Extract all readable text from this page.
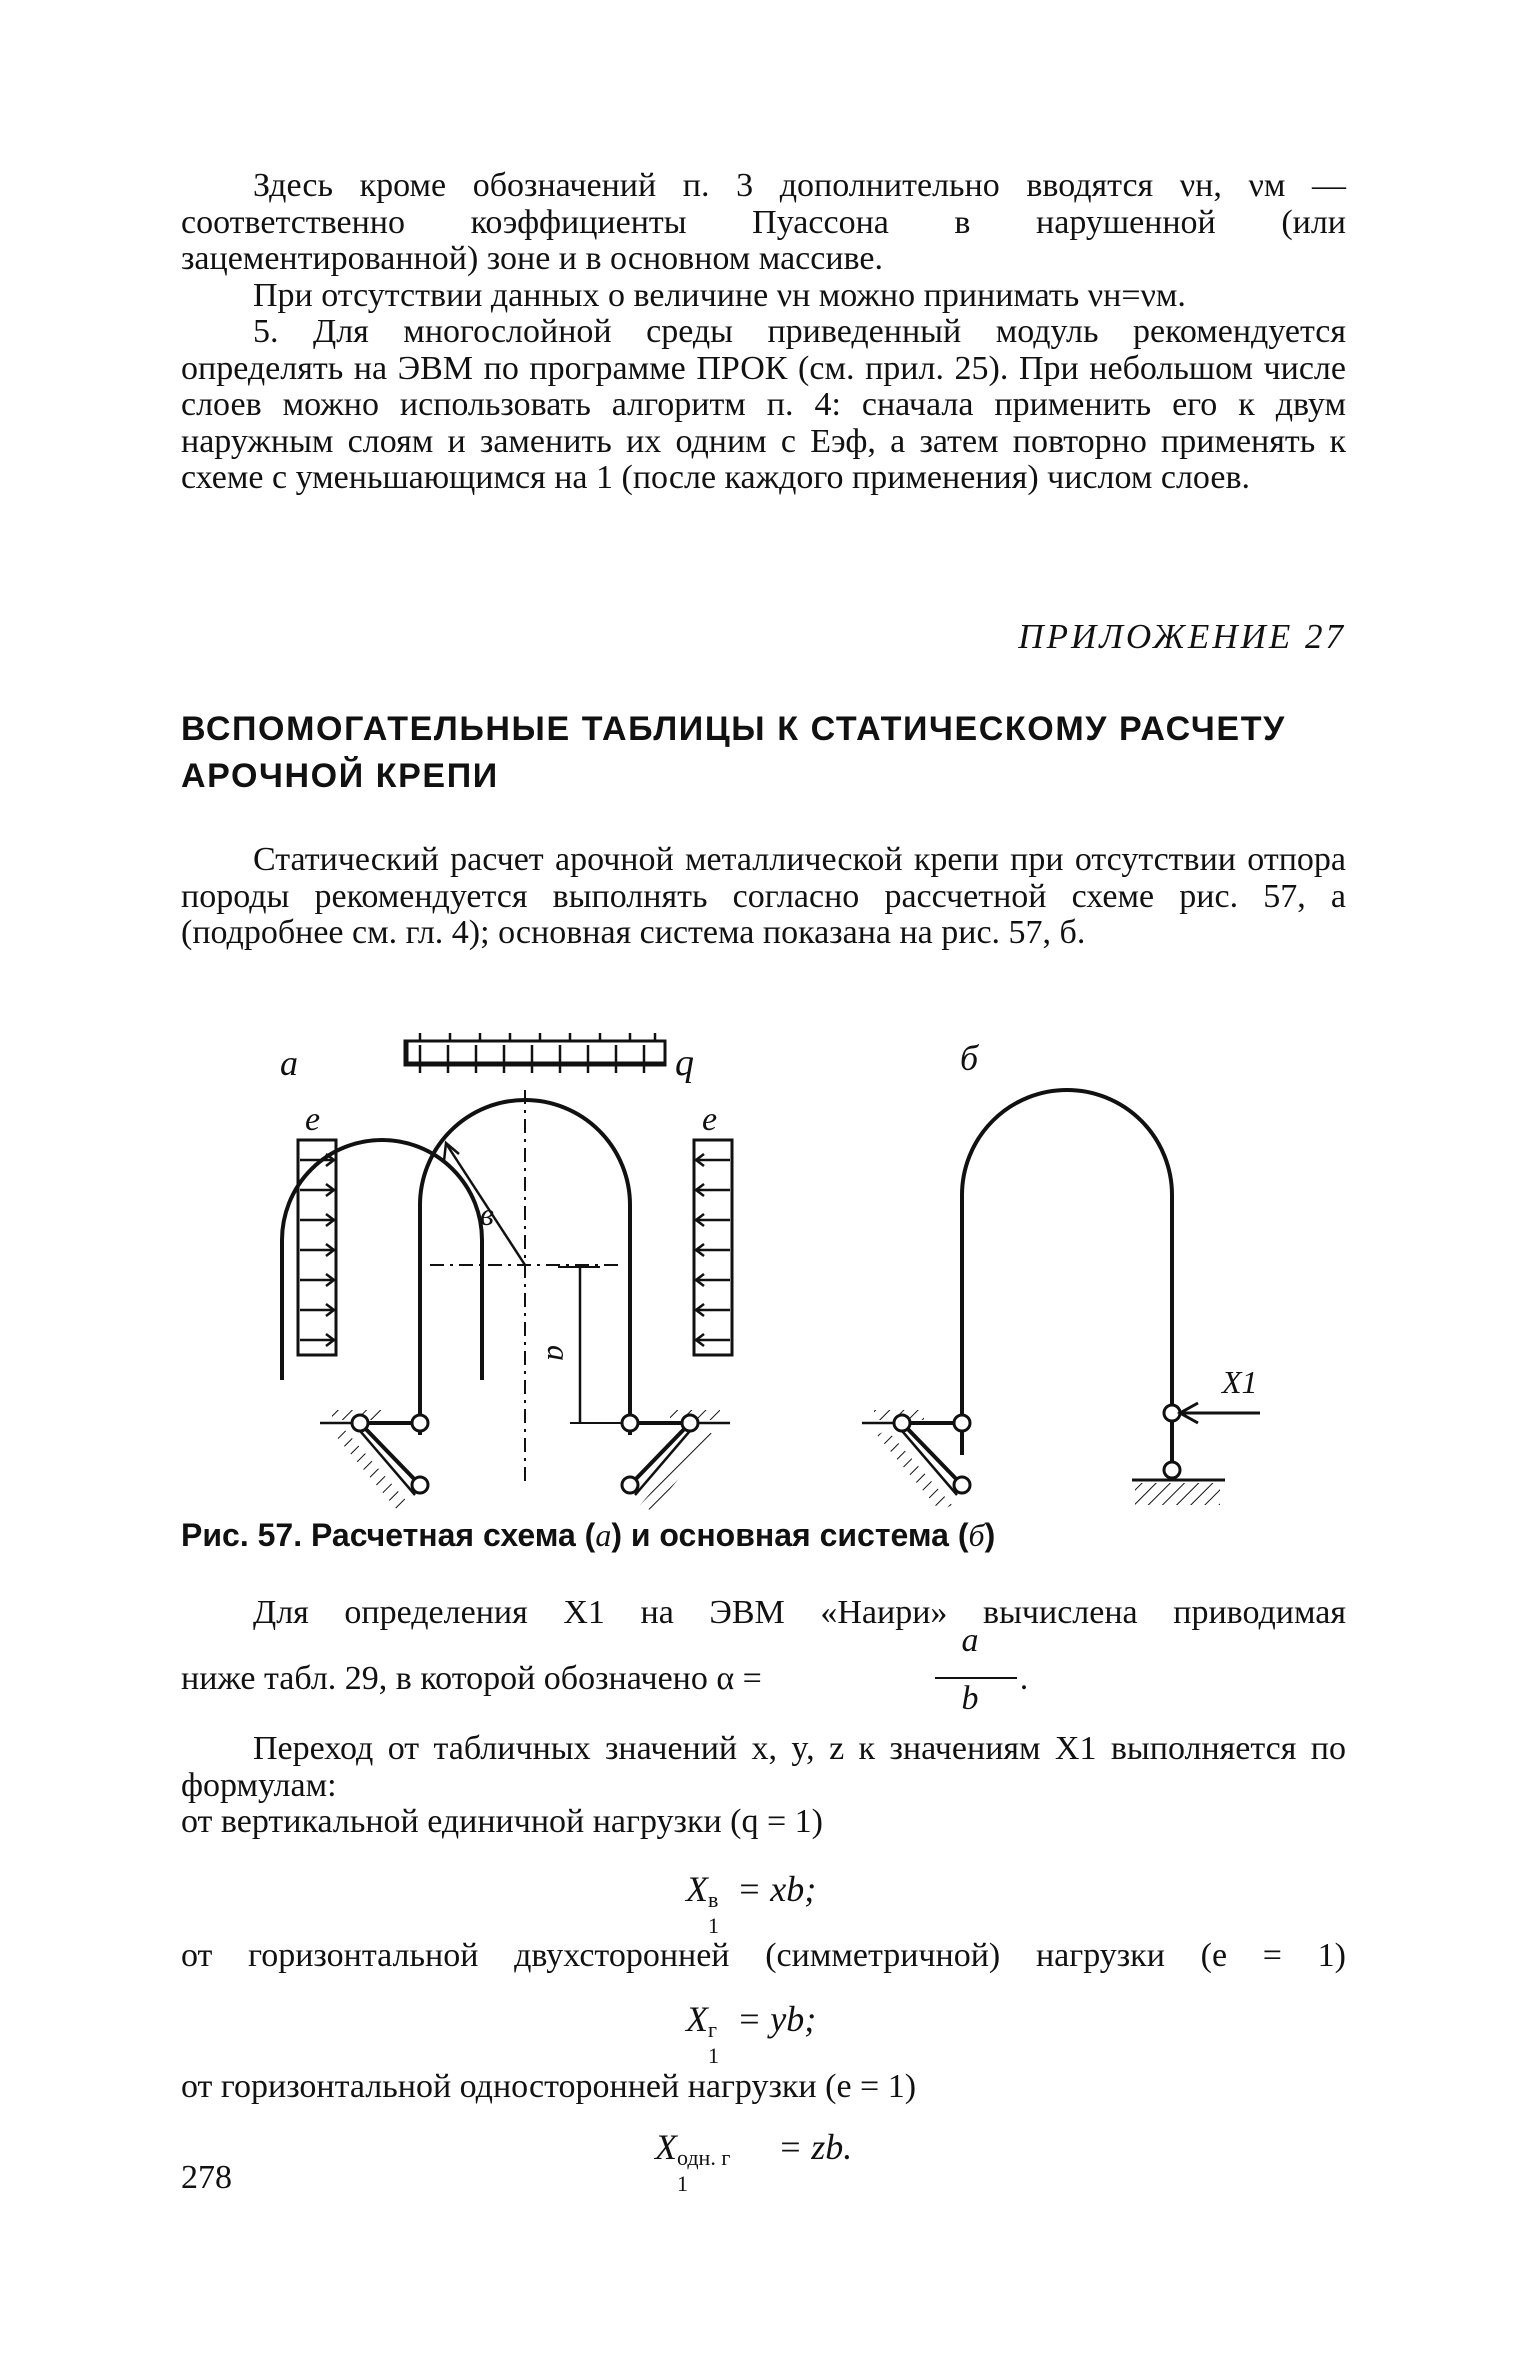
Здесь кроме обозначений п. 3 дополнительно вводятся νн, νм — соответственно коэффициенты Пуассона в нарушенной (или зацементированной) зоне и в основном массиве.

При отсутствии данных о величине νн можно принимать νн=νм.

5. Для многослойной среды приведенный модуль рекомендуется определять на ЭВМ по программе ПРОК (см. прил. 25). При небольшом числе слоев можно использовать алгоритм п. 4: сначала применить его к двум наружным слоям и заменить их одним с Eэф, а затем повторно применять к схеме с уменьшающимся на 1 (после каждого применения) числом слоев.

ПРИЛОЖЕНИЕ 27
ВСПОМОГАТЕЛЬНЫЕ ТАБЛИЦЫ К СТАТИЧЕСКОМУ РАСЧЕТУ АРОЧНОЙ КРЕПИ

Статический расчет арочной металлической крепи при отсутствии отпора породы рекомендуется выполнять согласно рассчетной схеме рис. 57, а (подробнее см. гл. 4); основная система показана на рис. 57, б.

а	q
e	e
в
а
б
X1
Рис. 57. Расчетная схема (а) и основная система (б)
Для определения X1 на ЭВМ «Наири» вычислена приводимая
ниже табл. 29, в которой обозначено α =
a
b
.

Переход от табличных значений x, y, z к значениям X1 выполняется по формулам:

от вертикальной единичной нагрузки (q = 1)

X в
1
= xb;
от горизонтальной двухсторонней (симметричной) нагрузки (e = 1)
X г
1
= yb;
от горизонтальной односторонней нагрузки (e = 1)
X одн. г
1
= zb.
278
